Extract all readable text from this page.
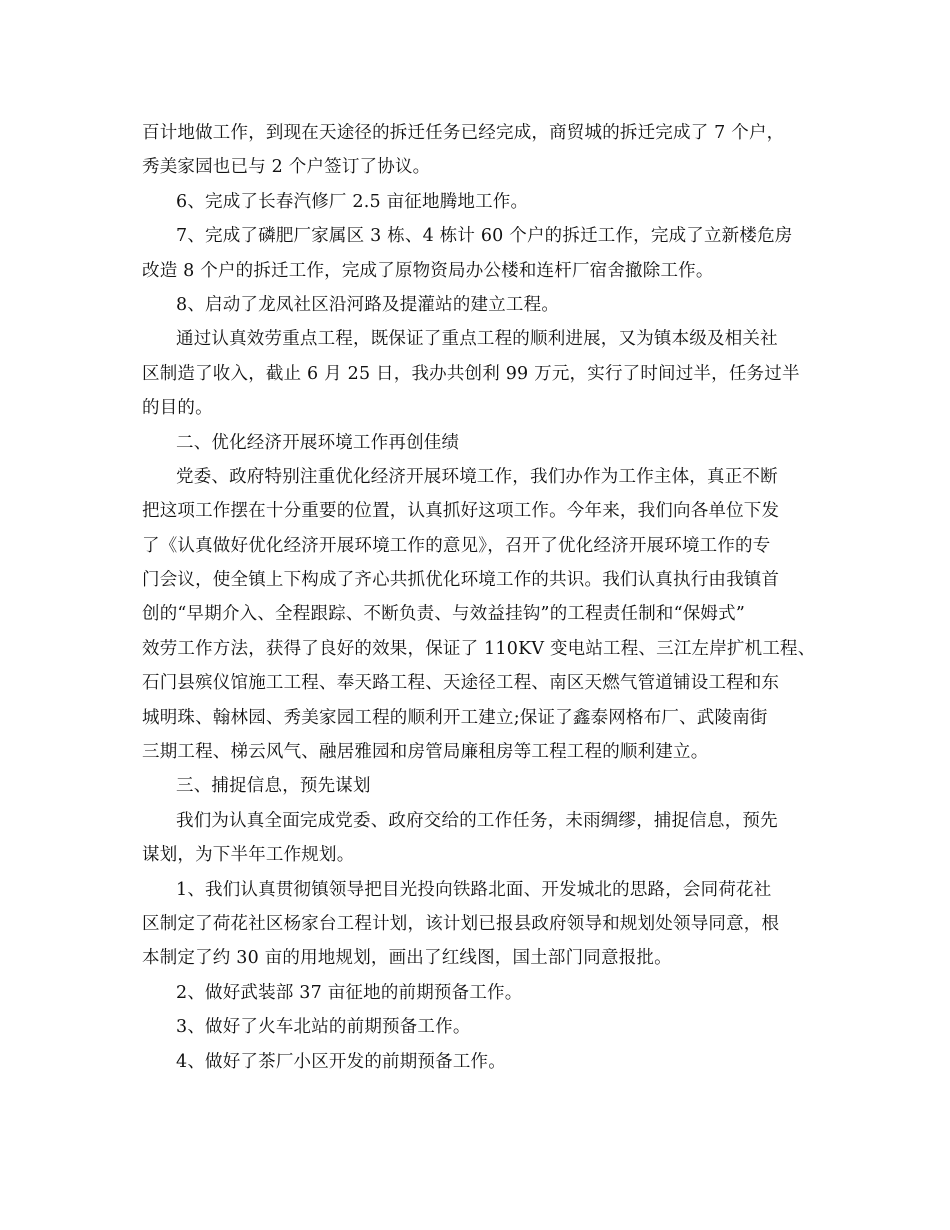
百计地做工作，到现在天途径的拆迁任务已经完成，商贸城的拆迁完成了 7 个户，
秀美家园也已与 2 个户签订了协议。
6、完成了长春汽修厂 2.5 亩征地腾地工作。
7、完成了磷肥厂家属区 3 栋、4 栋计 60 个户的拆迁工作，完成了立新楼危房
改造 8 个户的拆迁工作，完成了原物资局办公楼和连杆厂宿舍撤除工作。
8、启动了龙凤社区沿河路及提灌站的建立工程。
通过认真效劳重点工程，既保证了重点工程的顺利进展，又为镇本级及相关社
区制造了收入，截止 6 月 25 日，我办共创利 99 万元，实行了时间过半，任务过半
的目的。
二、优化经济开展环境工作再创佳绩
党委、政府特别注重优化经济开展环境工作，我们办作为工作主体，真正不断
把这项工作摆在十分重要的位置，认真抓好这项工作。今年来，我们向各单位下发
了《认真做好优化经济开展环境工作的意见》，召开了优化经济开展环境工作的专
门会议，使全镇上下构成了齐心共抓优化环境工作的共识。我们认真执行由我镇首
创的“早期介入、全程跟踪、不断负责、与效益挂钩”的工程责任制和“保姆式”
效劳工作方法，获得了良好的效果，保证了 110KV 变电站工程、三江左岸扩机工程、
石门县殡仪馆施工工程、奉天路工程、天途径工程、南区天燃气管道铺设工程和东
城明珠、翰林园、秀美家园工程的顺利开工建立;保证了鑫泰网格布厂、武陵南街
三期工程、梯云风气、融居雅园和房管局廉租房等工程工程的顺利建立。
三、捕捉信息，预先谋划
我们为认真全面完成党委、政府交给的工作任务，未雨绸缪，捕捉信息，预先
谋划，为下半年工作规划。
1、我们认真贯彻镇领导把目光投向铁路北面、开发城北的思路，会同荷花社
区制定了荷花社区杨家台工程计划，该计划已报县政府领导和规划处领导同意，根
本制定了约 30 亩的用地规划，画出了红线图，国土部门同意报批。
2、做好武装部 37 亩征地的前期预备工作。
3、做好了火车北站的前期预备工作。
4、做好了茶厂小区开发的前期预备工作。
